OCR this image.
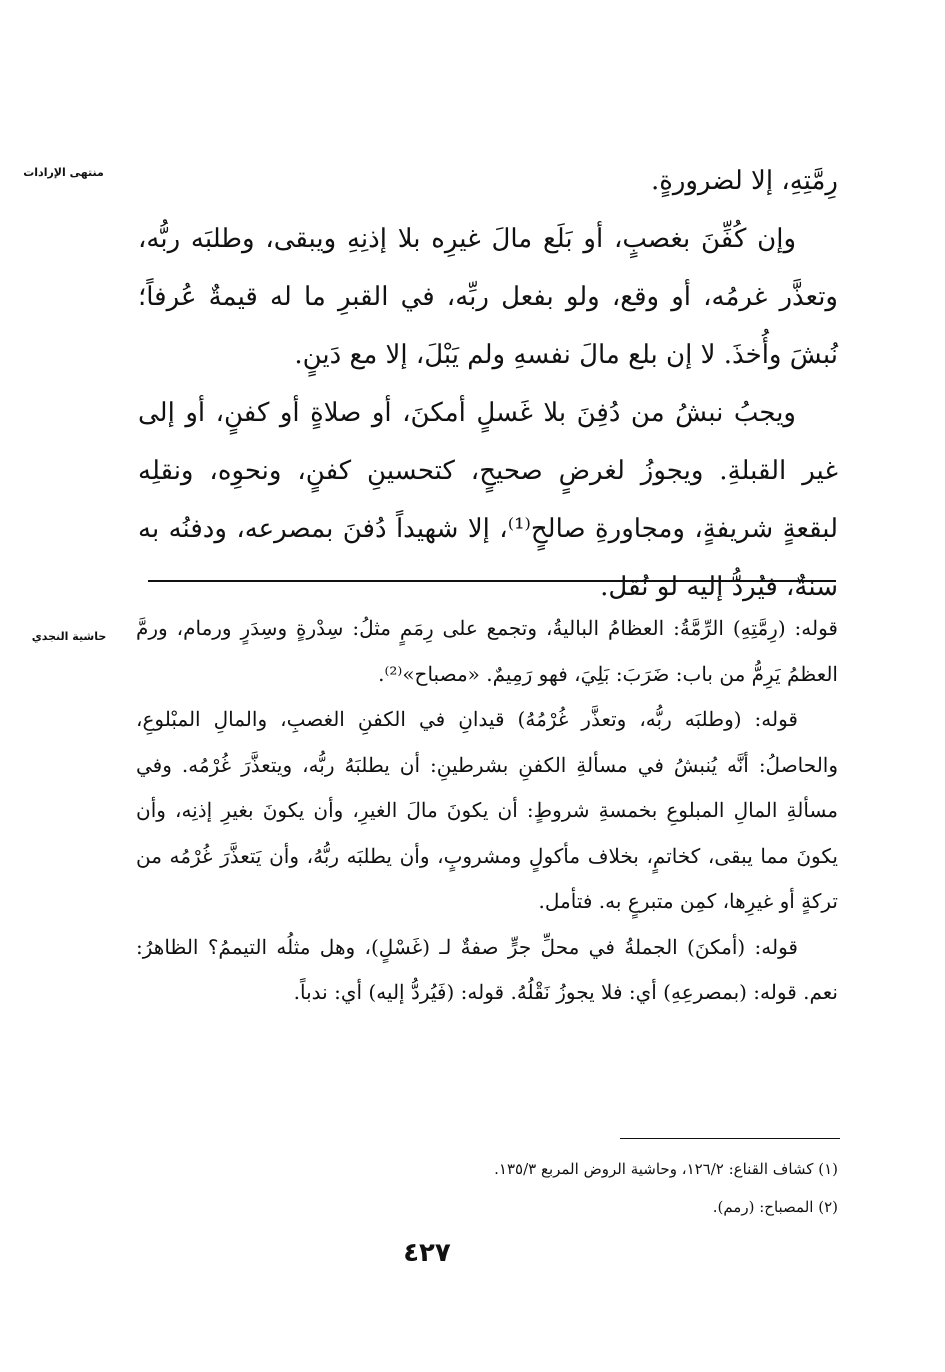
منتهى الإرادات	رِمَّتِهِ، إلا لضرورةٍ.

وإن كُفِّنَ بغصبٍ، أو بَلَع مالَ غيرِه بلا إذنِهِ ويبقى، وطلبَه ربُّه، وتعذَّر غرمُه، أو وقع، ولو بفعل ربِّه، في القبرِ ما له قيمةٌ عُرفاً؛ نُبشَ وأُخذَ. لا إن بلع مالَ نفسهِ ولم يَبْلَ، إلا مع دَينٍ.

ويجبُ نبشُ من دُفِنَ بلا غَسلٍ أمكنَ، أو صلاةٍ أو كفنٍ، أو إلى غير القبلةِ. ويجوزُ لغرضٍ صحيحٍ، كتحسينِ كفنٍ، ونحوِه، ونقلِه لبقعةٍ شريفةٍ، ومجاورةِ صالحٍ⁽¹⁾، إلا شهيداً دُفنَ بمصرعه، ودفنُه به سنةٌ، فيُردُّ إليه لو نُقل.

حاشية النجدي قوله: (رِمَّتِهِ) الرِّمَّةُ: العظامُ الباليةُ، وتجمع على رِمَمٍ مثلُ: سِدْرةٍ وسِدَرٍ ورمام، ورمَّ العظمُ يَرِمُّ من باب: ضَرَبَ: بَلِيَ، فهو رَمِيمٌ. «مصباح»⁽²⁾.

قوله: (وطلبَه ربُّه، وتعذَّر غُرْمُهُ) قيدانِ في الكفنِ الغصبِ، والمالِ المبْلوعِ، والحاصلُ: أنَّه يُنبشُ في مسألةِ الكفنِ بشرطينِ: أن يطلبَهُ ربُّه، ويتعذَّرَ غُرْمُه. وفي مسألةِ المالِ المبلوعِ بخمسةِ شروطٍ: أن يكونَ مالَ الغيرِ، وأن يكونَ بغيرِ إذنِه، وأن يكونَ مما يبقى، كخاتمٍ، بخلاف مأكولٍ ومشروبٍ، وأن يطلبَه ربُّهُ، وأن يَتعذَّرَ غُرْمُه من تركةٍ أو غيرِها، كمِن متبرعٍ به. فتأمل.

قوله: (أمكنَ) الجملةُ في محلِّ جرٍّ صفةٌ لـ (غَسْلٍ)، وهل مثلُه التيممُ؟ الظاهرُ: نعم. قوله: (بمصرعِهِ) أي: فلا يجوزُ نَقْلُهُ. قوله: (فَيُردُّ إليه) أي: ندباً.

(١) كشاف القناع: ١٢٦/٢، وحاشية الروض المربع ١٣٥/٣.

(٢) المصباح: (رمم).

٤٢٧
